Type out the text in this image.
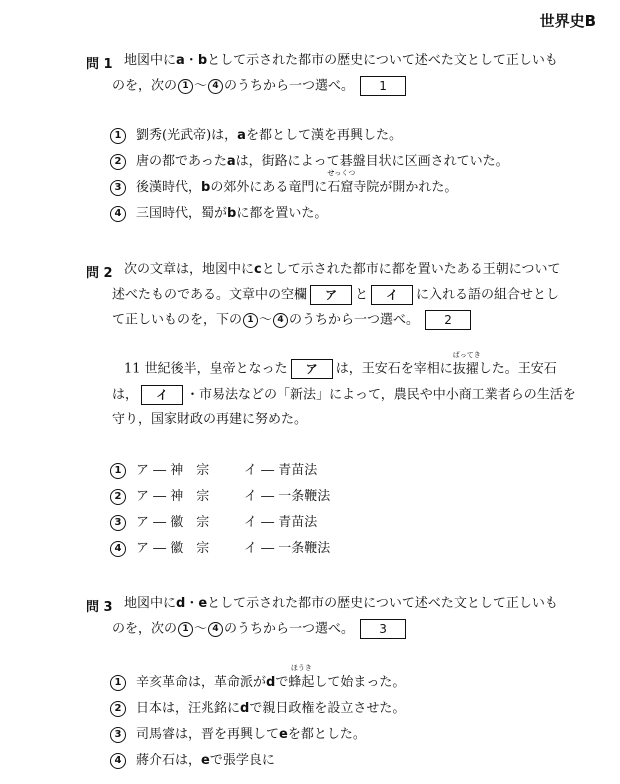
世界史B
問 1 地図中にa・bとして示された都市の歴史について述べた文として正しいも
のを，次の 1 〜 4 のうちから一つ選べ。 1
1 劉秀(光武帝)は，aを都として漢を再興した。
2 唐の都であったaは，街路によって碁盤目状に区画されていた。
3 後漢時代，bの郊外にある竜門に
せっくつ
石窟寺院が開かれた。
4 三国時代，蜀がbに都を置いた。
問 2 次の文章は，地図中にcとして示された都市に都を置いたある王朝について
述べたものである。文章中の空欄 ア と イ に入れる語の組合せとし
て正しいものを，下の 1 〜 4 のうちから一つ選べ。 2
11 世紀後半，皇帝となった ア は，王安石を宰相に
ばってき
抜擢した。王安石
は， イ ・市易法などの「新法」によって，農民や中小商工業者らの生活を
守り，国家財政の再建に努めた。
1 ア ― 神　宗	イ ― 青苗法
2 ア ― 神　宗	イ ― 一条鞭法
3 ア ― 徽　宗	イ ― 青苗法
4 ア ― 徽　宗	イ ― 一条鞭法
問 3 地図中にd・eとして示された都市の歴史について述べた文として正しいも
のを，次の 1 〜 4 のうちから一つ選べ。 3
1 辛亥革命は，革命派がdで
ほうき
蜂起して始まった。
2 日本は，汪兆銘にdで親日政権を設立させた。
3 司馬睿は，晋を再興してeを都とした。
4 蔣介石は，eで張学良に
